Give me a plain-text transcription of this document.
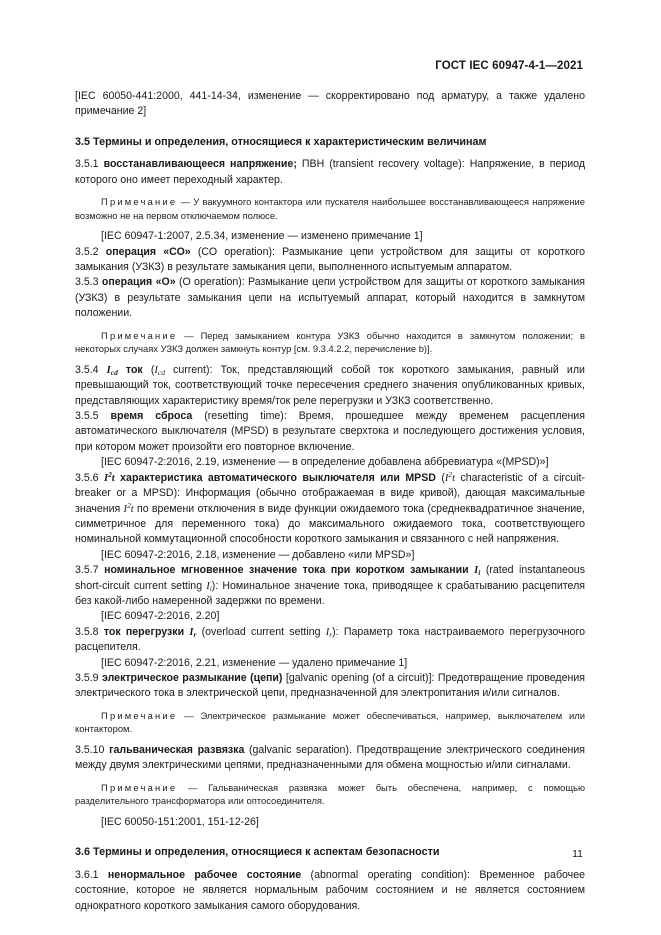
ГОСТ IEC 60947-4-1—2021

[IEC 60050-441:2000, 441-14-34, изменение — скорректировано под арматуру, а также удалено примечание 2]

3.5 Термины и определения, относящиеся к характеристическим величинам

3.5.1 восстанавливающееся напряжение; ПВН (transient recovery voltage): Напряжение, в период которого оно имеет переходный характер.

Примечание — У вакуумного контактора или пускателя наибольшее восстанавливающееся напряжение возможно не на первом отключаемом полюсе.

[IEC 60947-1:2007, 2.5.34, изменение — изменено примечание 1]

3.5.2 операция «СО» (СО operation): Размыкание цепи устройством для защиты от короткого замыкания (УЗКЗ) в результате замыкания цепи, выполненного испытуемым аппаратом.

3.5.3 операция «О» (О operation): Размыкание цепи устройством для защиты от короткого замыкания (УЗКЗ) в результате замыкания цепи на испытуемый аппарат, который находится в замкнутом положении.

Примечание — Перед замыканием контура УЗКЗ обычно находится в замкнутом положении; в некоторых случаях УЗКЗ должен замкнуть контур [см. 9.3.4.2.2, перечисление b)].

3.5.4 $I_{cd}$ ток ($I_{cd}$ current): Ток, представляющий собой ток короткого замыкания, равный или превышающий ток, соответствующий точке пересечения среднего значения опубликованных кривых, представляющих характеристику время/ток реле перегрузки и УЗКЗ соответственно.

3.5.5 время сброса (resetting time): Время, прошедшее между временем расцепления автоматического выключателя (MPSD) в результате сверхтока и последующего достижения условия, при котором может произойти его повторное включение.

[IEC 60947-2:2016, 2.19, изменение — в определение добавлена аббревиатура «(MPSD)»]

3.5.6 $I^2t$ характеристика автоматического выключателя или MPSD ($I^2t$ characteristic of a circuit-breaker or a MPSD): Информация (обычно отображаемая в виде кривой), дающая максимальные значения $I^2t$ по времени отключения в виде функции ожидаемого тока (среднеквадратичное значение, симметричное для переменного тока) до максимального ожидаемого тока, соответствующего номинальной коммутационной способности короткого замыкания и связанного с ней напряжения.

[IEC 60947-2:2016, 2.18, изменение — добавлено «или MPSD»]

3.5.7 номинальное мгновенное значение тока при коротком замыкании $I_i$ (rated instantaneous short-circuit current setting $I_i$): Номинальное значение тока, приводящее к срабатыванию расцепителя без какой-либо намеренной задержки по времени.

[IEC 60947-2:2016, 2.20]

3.5.8 ток перегрузки $I_r$ (overload current setting $I_r$): Параметр тока настраиваемого перегрузочного расцепителя.

[IEC 60947-2:2016, 2.21, изменение — удалено примечание 1]

3.5.9 электрическое размыкание (цепи) [galvanic opening (of a circuit)]: Предотвращение проведения электрического тока в электрической цепи, предназначенной для электропитания и/или сигналов.

Примечание — Электрическое размыкание может обеспечиваться, например, выключателем или контактором.

3.5.10 гальваническая развязка (galvanic separation). Предотвращение электрического соединения между двумя электрическими цепями, предназначенными для обмена мощностью и/или сигналами.

Примечание — Гальваническая развязка может быть обеспечена, например, с помощью разделительного трансформатора или оптосоединителя.

[IEC 60050-151:2001, 151-12-26]

3.6 Термины и определения, относящиеся к аспектам безопасности

3.6.1 ненормальное рабочее состояние (abnormal operating condition): Временное рабочее состояние, которое не является нормальным рабочим состоянием и не является состоянием однократного короткого замыкания самого оборудования.

11
